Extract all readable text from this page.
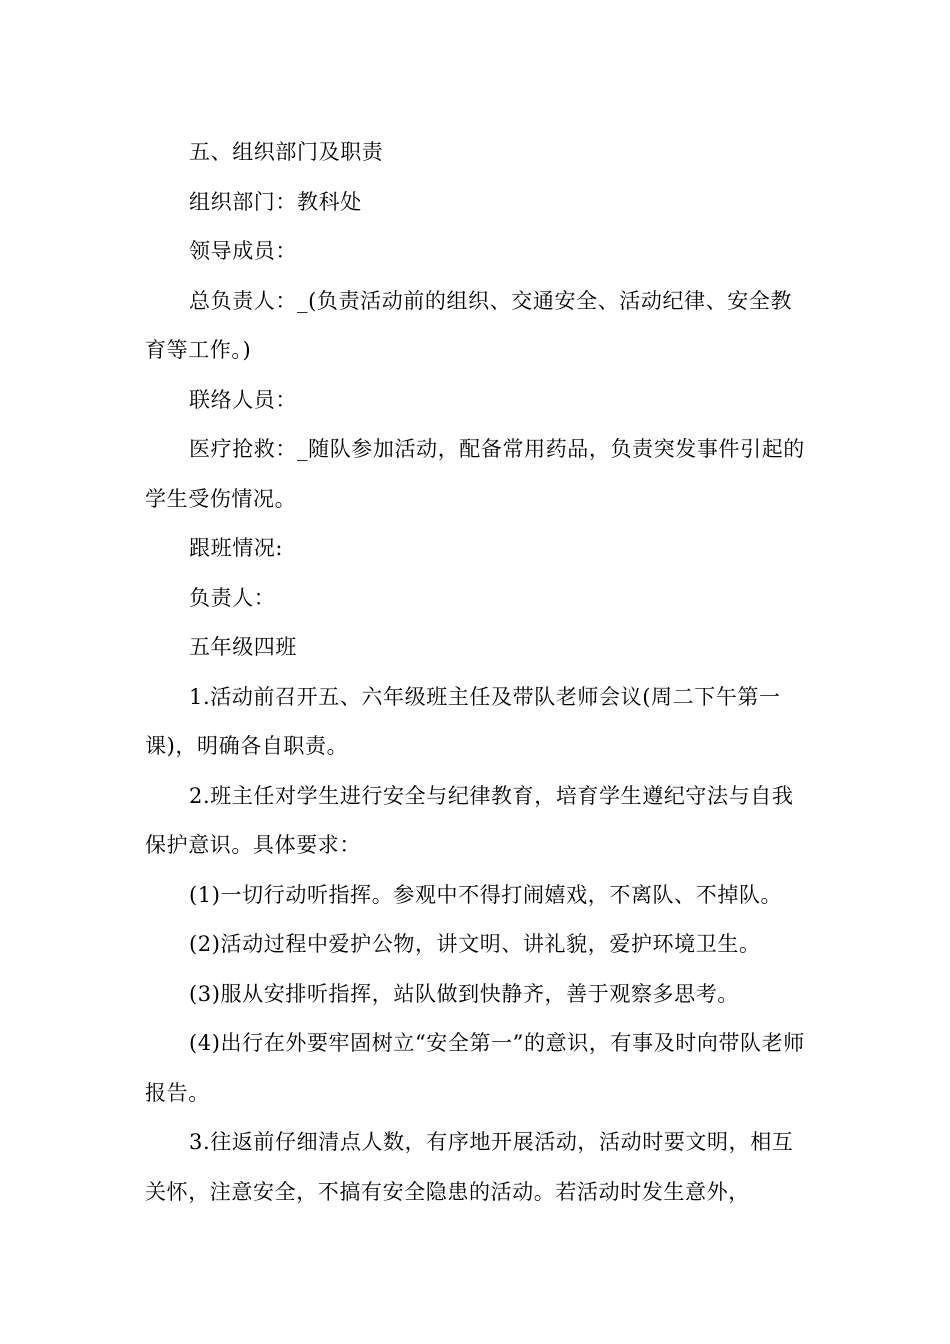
五、组织部门及职责

组织部门：教科处

领导成员：

总负责人：_(负责活动前的组织、交通安全、活动纪律、安全教育等工作。)

联络人员：

医疗抢救：_随队参加活动，配备常用药品，负责突发事件引起的学生受伤情况。

跟班情况:

负责人：

五年级四班

1.活动前召开五、六年级班主任及带队老师会议(周二下午第一课)，明确各自职责。

2.班主任对学生进行安全与纪律教育，培育学生遵纪守法与自我保护意识。具体要求：

(1)一切行动听指挥。参观中不得打闹嬉戏，不离队、不掉队。

(2)活动过程中爱护公物，讲文明、讲礼貌，爱护环境卫生。

(3)服从安排听指挥，站队做到快静齐，善于观察多思考。

(4)出行在外要牢固树立“安全第一”的意识，有事及时向带队老师报告。

3.往返前仔细清点人数，有序地开展活动，活动时要文明，相互关怀，注意安全，不搞有安全隐患的活动。若活动时发生意外，
